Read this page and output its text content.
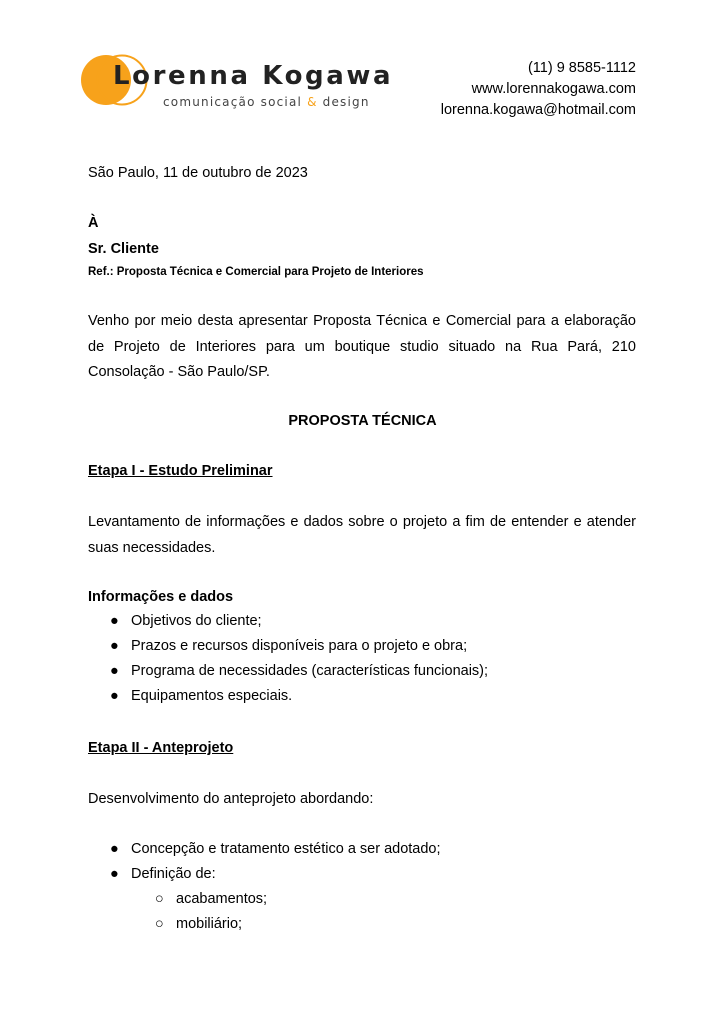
Lorenna Kogawa
comunicação social & design
(11) 9 8585-1112
www.lorennakogawa.com
lorenna.kogawa@hotmail.com
São Paulo, 11 de outubro de 2023
À
Sr. Cliente
Ref.: Proposta Técnica e Comercial para Projeto de Interiores
Venho por meio desta apresentar Proposta Técnica e Comercial para a elaboração de Projeto de Interiores para um boutique studio situado na Rua Pará, 210 Consolação - São Paulo/SP.
PROPOSTA TÉCNICA
Etapa I - Estudo Preliminar
Levantamento de informações e dados sobre o projeto a fim de entender e atender suas necessidades.
Informações e dados
● Objetivos do cliente;
● Prazos e recursos disponíveis para o projeto e obra;
● Programa de necessidades (características funcionais);
● Equipamentos especiais.
Etapa II - Anteprojeto
Desenvolvimento do anteprojeto abordando:
● Concepção e tratamento estético a ser adotado;
● Definição de:
○ acabamentos;
○ mobiliário;
